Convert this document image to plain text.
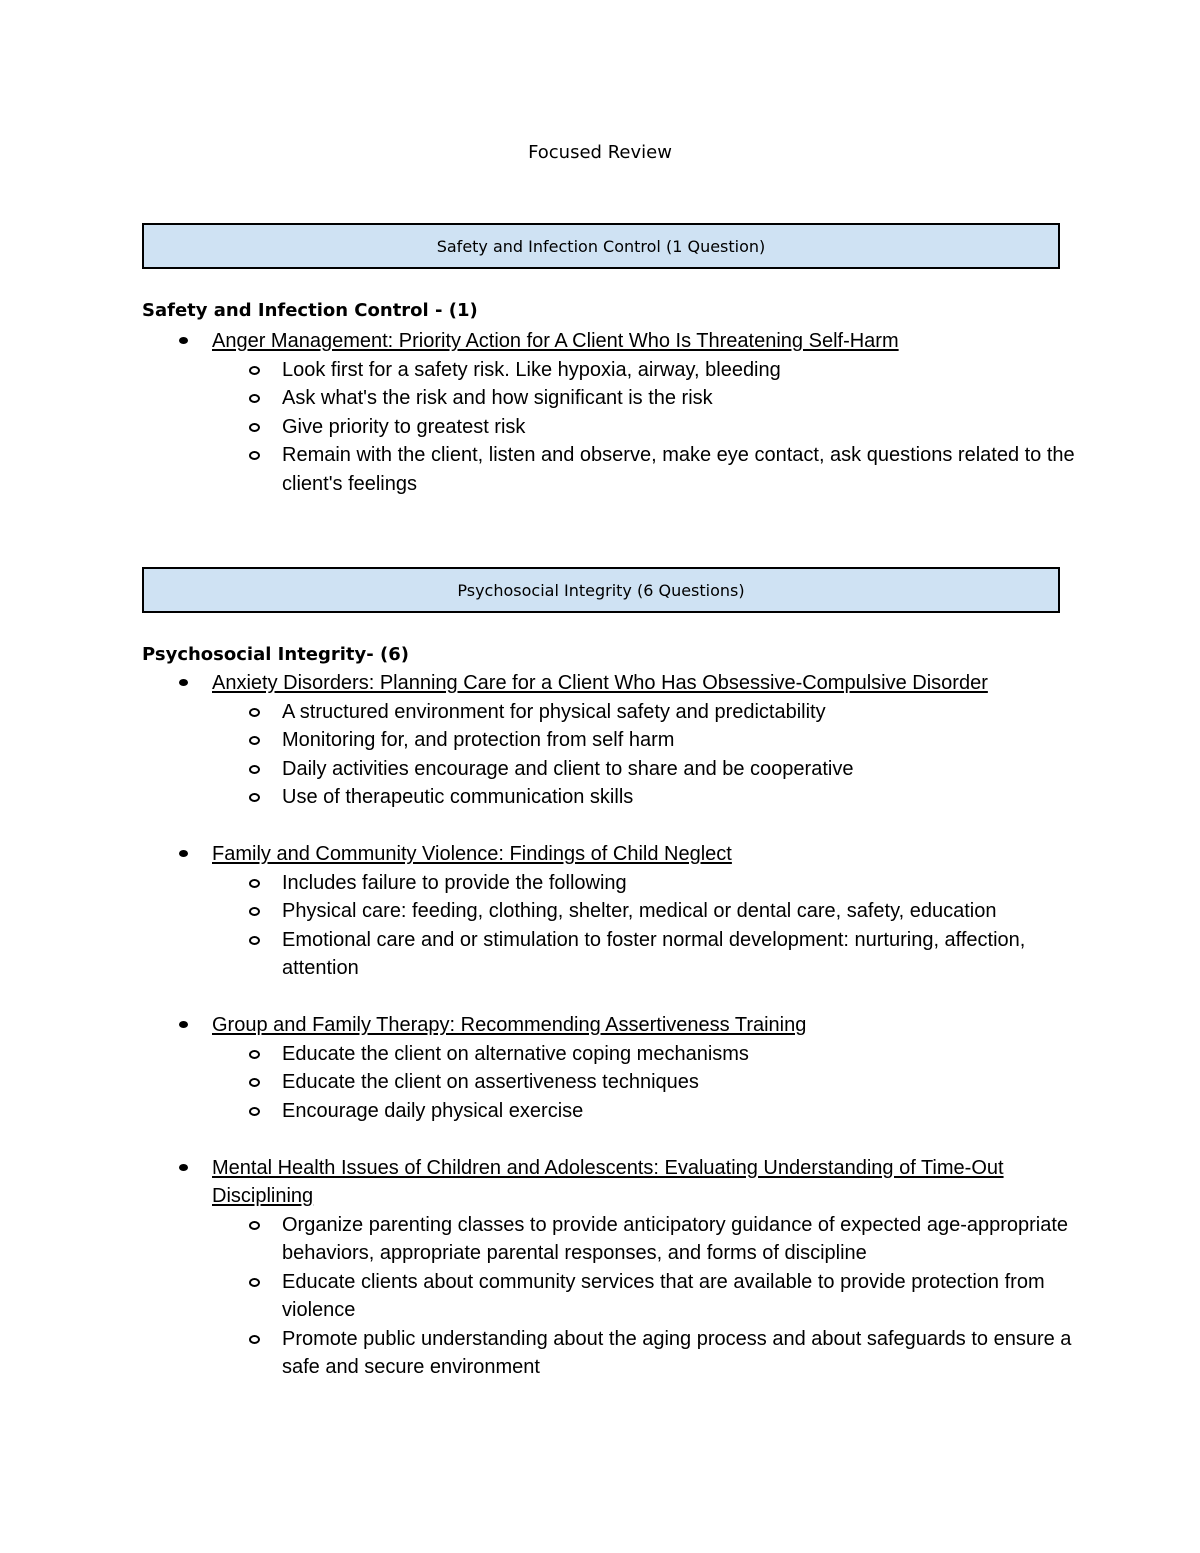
Focused Review
Safety and Infection Control (1 Question)
Safety and Infection Control - (1)
Anger Management: Priority Action for A Client Who Is Threatening Self-Harm
Look first for a safety risk. Like hypoxia, airway, bleeding
Ask what's the risk and how significant is the risk
Give priority to greatest risk
Remain with the client, listen and observe, make eye contact, ask questions related to the client's feelings
Psychosocial Integrity (6 Questions)
Psychosocial Integrity- (6)
Anxiety Disorders: Planning Care for a Client Who Has Obsessive-Compulsive Disorder
A structured environment for physical safety and predictability
Monitoring for, and protection from self harm
Daily activities encourage and client to share and be cooperative
Use of therapeutic communication skills
Family and Community Violence: Findings of Child Neglect
Includes failure to provide the following
Physical care: feeding, clothing, shelter, medical or dental care, safety, education
Emotional care and or stimulation to foster normal development: nurturing, affection, attention
Group and Family Therapy: Recommending Assertiveness Training
Educate the client on alternative coping mechanisms
Educate the client on assertiveness techniques
Encourage daily physical exercise
Mental Health Issues of Children and Adolescents: Evaluating Understanding of Time-Out Disciplining
Organize parenting classes to provide anticipatory guidance of expected age-appropriate behaviors, appropriate parental responses, and forms of discipline
Educate clients about community services that are available to provide protection from violence
Promote public understanding about the aging process and about safeguards to ensure a safe and secure environment
